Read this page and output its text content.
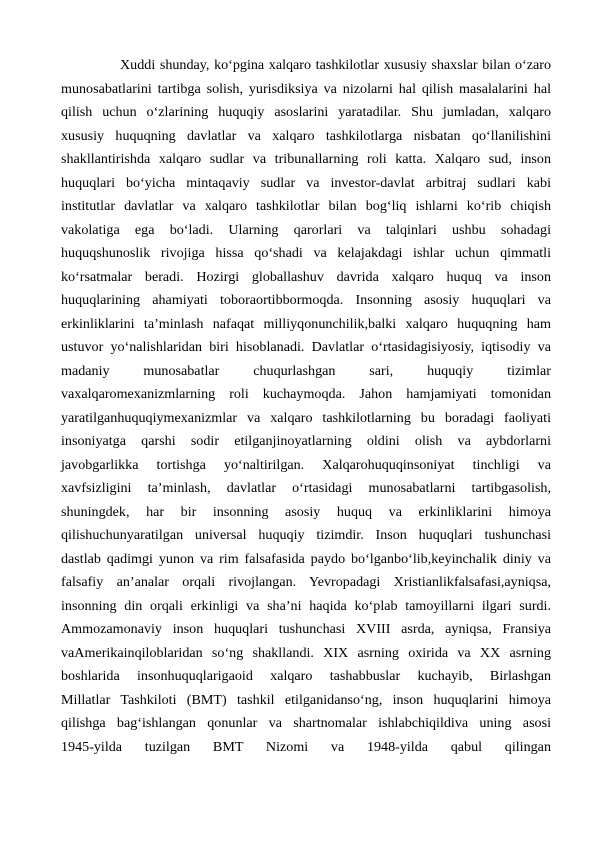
Xuddi shunday, ko‘pgina xalqaro tashkilotlar xususiy shaxslar bilan o‘zaro
munosabatlarini tartibga solish, yurisdiksiya va nizolarni hal qilish masalalarini hal
qilish uchun o‘zlarining huquqiy asoslarini yaratadilar. Shu jumladan, xalqaro
xususiy huquqning davlatlar va xalqaro tashkilotlarga nisbatan qo‘llanilishini
shakllantirishda xalqaro sudlar va tribunallarning roli katta. Xalqaro sud, inson
huquqlari bo‘yicha mintaqaviy sudlar va investor-davlat arbitraj sudlari kabi
institutlar davlatlar va xalqaro tashkilotlar bilan bog‘liq ishlarni ko‘rib chiqish
vakolatiga ega bo‘ladi. Ularning qarorlari va talqinlari ushbu sohadagi
huquqshunoslik rivojiga hissa qo‘shadi va kelajakdagi ishlar uchun qimmatli
ko‘rsatmalar beradi. Hozirgi globallashuv davrida xalqaro huquq va inson
huquqlarining ahamiyati toboraortibbormoqda. Insonning asosiy huquqlari va
erkinliklarini ta’minlash nafaqat milliyqonunchilik,balki xalqaro huquqning ham
ustuvor yo‘nalishlaridan biri hisoblanadi. Davlatlar o‘rtasidagisiyosiy, iqtisodiy va
madaniy munosabatlar chuqurlashgan sari, huquqiy tizimlar
vaxalqaromexanizmlarning roli kuchaymoqda. Jahon hamjamiyati tomonidan
yaratilganhuquqiymexanizmlar va xalqaro tashkilotlarning bu boradagi faoliyati
insoniyatga qarshi sodir etilganjinoyatlarning oldini olish va aybdorlarni
javobgarlikka tortishga yo‘naltirilgan. Xalqarohuquqinsoniyat tinchligi va
xavfsizligini ta’minlash, davlatlar o‘rtasidagi munosabatlarni tartibgasolish,
shuningdek, har bir insonning asosiy huquq va erkinliklarini himoya
qilishuchunyaratilgan universal huquqiy tizimdir. Inson huquqlari tushunchasi
dastlab qadimgi yunon va rim falsafasida paydo bo‘lganbo‘lib,keyinchalik diniy va
falsafiy an’analar orqali rivojlangan. Yevropadagi Xristianlikfalsafasi,ayniqsa,
insonning din orqali erkinligi va sha’ni haqida ko‘plab tamoyillarni ilgari surdi.
Ammozamonaviy inson huquqlari tushunchasi XVIII asrda, ayniqsa, Fransiya
vaAmerikainqiloblaridan so‘ng shakllandi. XIX asrning oxirida va XX asrning
boshlarida insonhuquqlarigaoid xalqaro tashabbuslar kuchayib, Birlashgan
Millatlar Tashkiloti (BMT) tashkil etilganidanso‘ng, inson huquqlarini himoya
qilishga bag‘ishlangan qonunlar va shartnomalar ishlabchiqildiva uning asosi
1945-yilda tuzilgan BMT Nizomi va 1948-yilda qabul qilingan
